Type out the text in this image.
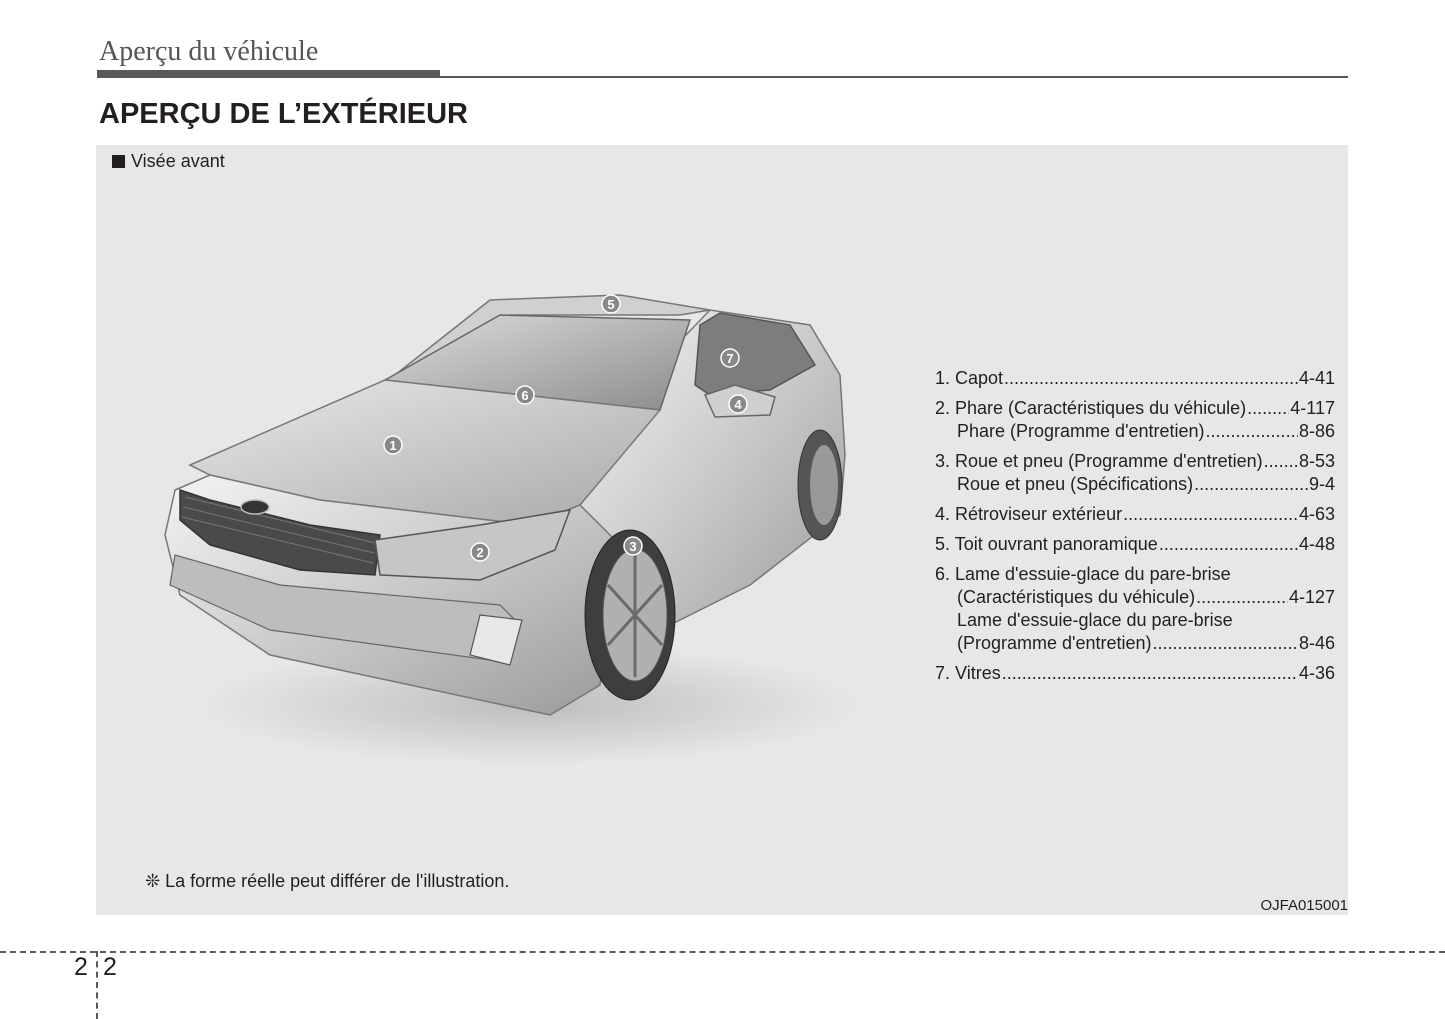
Aperçu du véhicule
APERÇU DE L’EXTÉRIEUR
Visée avant
1
2	3
4
5
6
7
1. Capot .....	4-41
2. Phare (Caractéristiques du véhicule) ..... 4-117
Phare (Programme d'entretien) .....	8-86
3. Roue et pneu (Programme d'entretien) ..... 8-53
Roue et pneu (Spécifications) .....	9-4
4. Rétroviseur extérieur .....	4-63
5. Toit ouvrant panoramique .....	4-48
6. Lame d'essuie-glace du pare-brise
(Caractéristiques du véhicule) .....	4-127
Lame d'essuie-glace du pare-brise
(Programme d'entretien) .....	8-46
7. Vitres .....	4-36
❊ La forme réelle peut différer de l'illustration.
OJFA015001
2 2
